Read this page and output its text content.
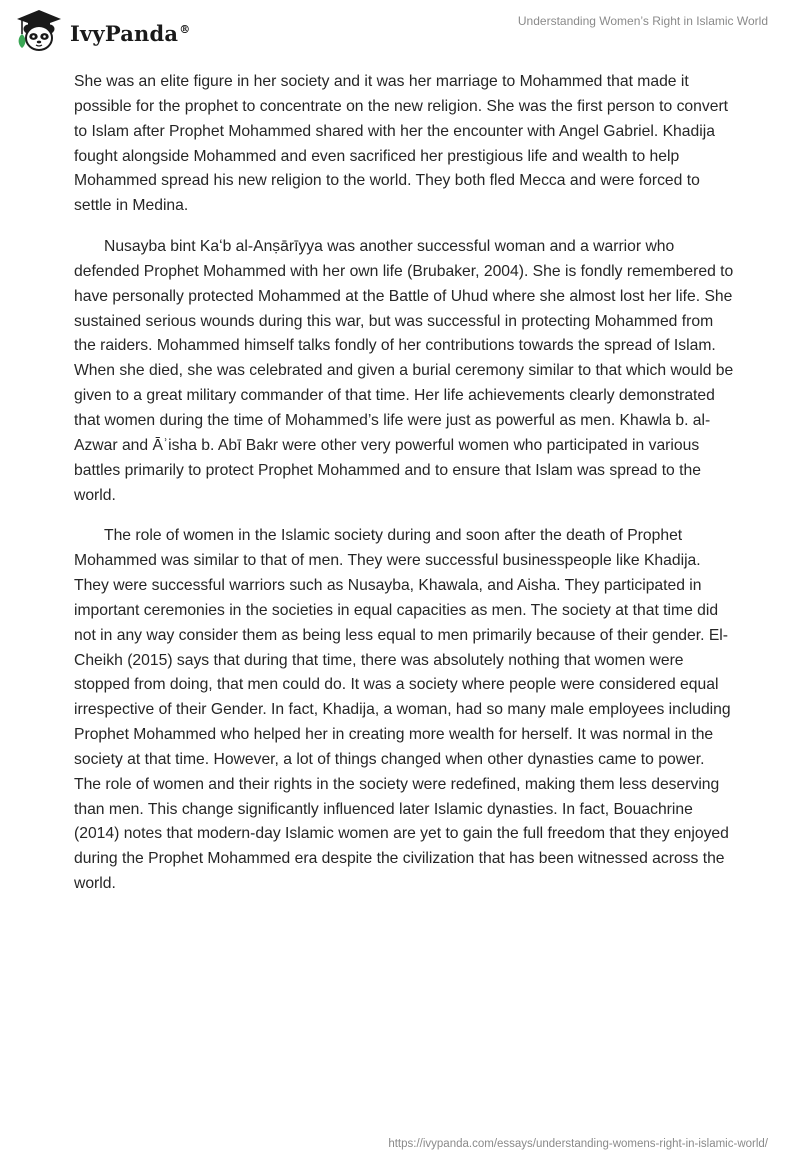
IvyPanda®
Understanding Women’s Right in Islamic World

She was an elite figure in her society and it was her marriage to Mohammed that made it possible for the prophet to concentrate on the new religion. She was the first person to convert to Islam after Prophet Mohammed shared with her the encounter with Angel Gabriel. Khadija fought alongside Mohammed and even sacrificed her prestigious life and wealth to help Mohammed spread his new religion to the world. They both fled Mecca and were forced to settle in Medina.

Nusayba bint Kaʻb al-Anṣārīyya was another successful woman and a warrior who defended Prophet Mohammed with her own life (Brubaker, 2004). She is fondly remembered to have personally protected Mohammed at the Battle of Uhud where she almost lost her life. She sustained serious wounds during this war, but was successful in protecting Mohammed from the raiders. Mohammed himself talks fondly of her contributions towards the spread of Islam. When she died, she was celebrated and given a burial ceremony similar to that which would be given to a great military commander of that time. Her life achievements clearly demonstrated that women during the time of Mohammed’s life were just as powerful as men. Khawla b. al-Azwar and Āʾisha b. Abī Bakr were other very powerful women who participated in various battles primarily to protect Prophet Mohammed and to ensure that Islam was spread to the world.

The role of women in the Islamic society during and soon after the death of Prophet Mohammed was similar to that of men. They were successful businesspeople like Khadija. They were successful warriors such as Nusayba, Khawala, and Aisha. They participated in important ceremonies in the societies in equal capacities as men. The society at that time did not in any way consider them as being less equal to men primarily because of their gender. El-Cheikh (2015) says that during that time, there was absolutely nothing that women were stopped from doing, that men could do. It was a society where people were considered equal irrespective of their Gender. In fact, Khadija, a woman, had so many male employees including Prophet Mohammed who helped her in creating more wealth for herself. It was normal in the society at that time. However, a lot of things changed when other dynasties came to power. The role of women and their rights in the society were redefined, making them less deserving than men. This change significantly influenced later Islamic dynasties. In fact, Bouachrine (2014) notes that modern-day Islamic women are yet to gain the full freedom that they enjoyed during the Prophet Mohammed era despite the civilization that has been witnessed across the world.

https://ivypanda.com/essays/understanding-womens-right-in-islamic-world/
